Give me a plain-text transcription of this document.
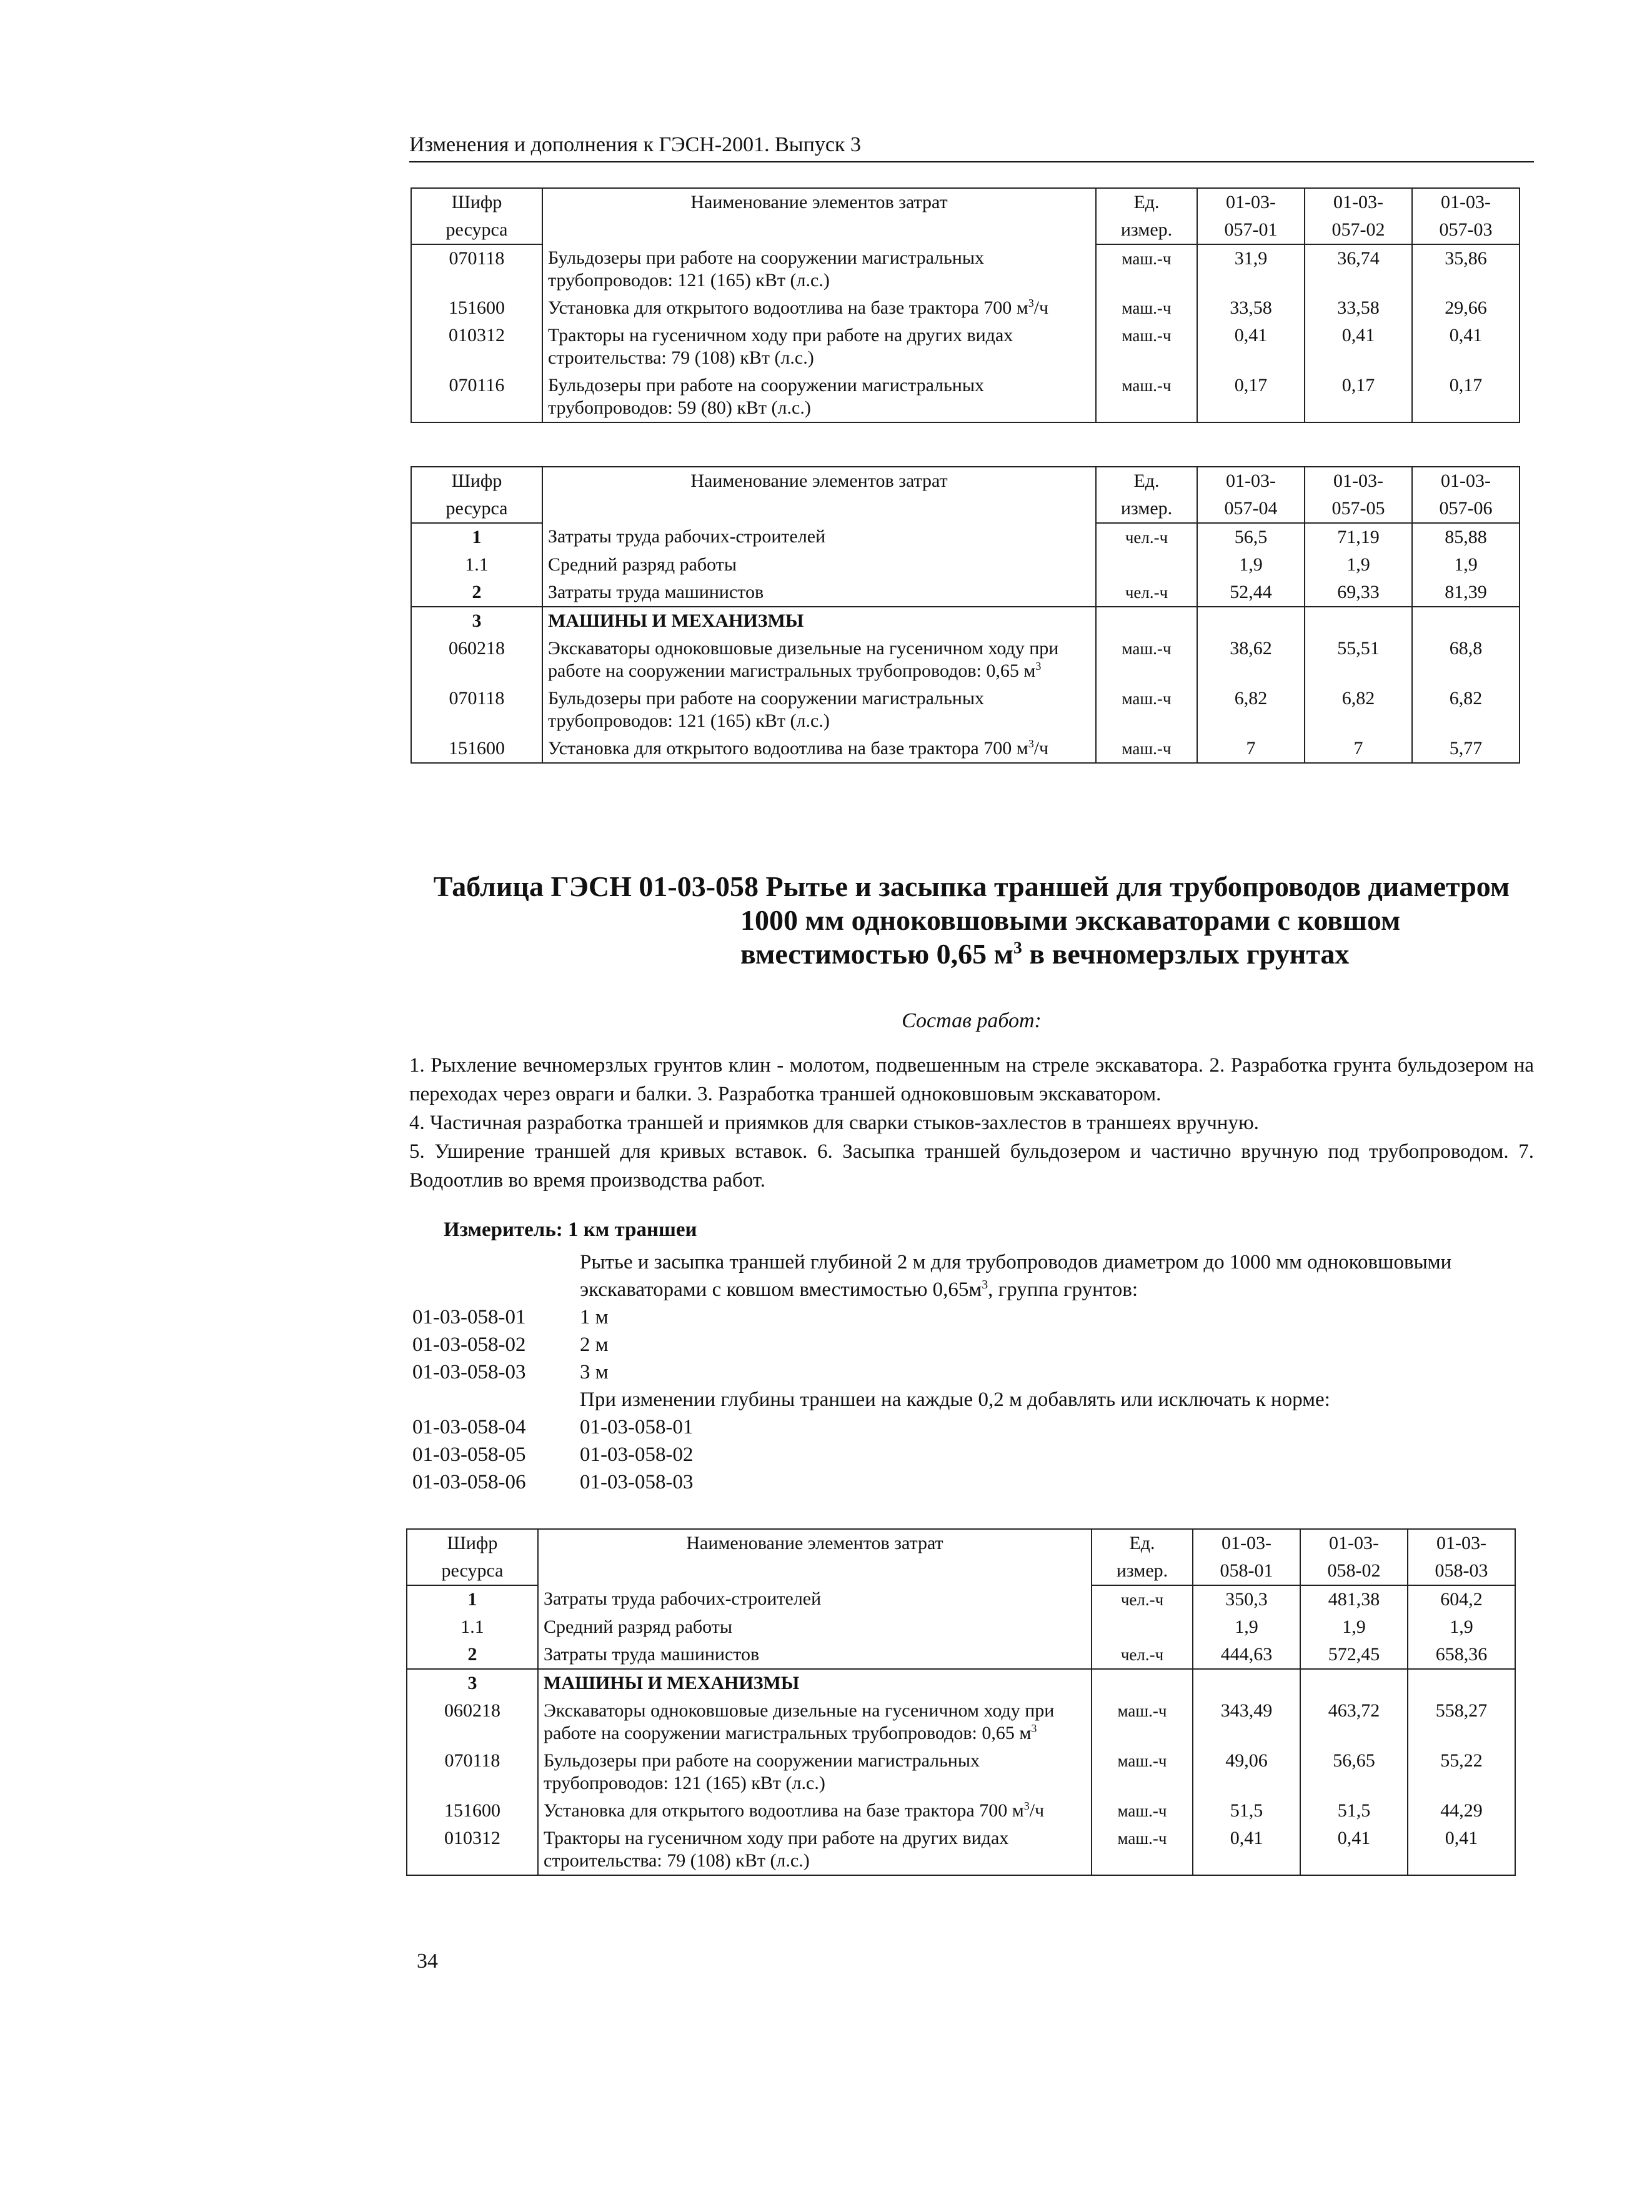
Изменения и дополнения к ГЭСН-2001. Выпуск 3
Шифр	Наименование элементов затрат	Ед.	01-03-	01-03-	01-03-
ресурса		измер.	057-01	057-02	057-03
070118	Бульдозеры при работе на сооружении магистральных трубопроводов: 121 (165) кВт (л.с.)	маш.-ч	31,9	36,74	35,86
151600	Установка для открытого водоотлива на базе трактора 700 $м^3/ч$	маш.-ч	33,58	33,58	29,66
010312	Тракторы на гусеничном ходу при работе на других видах строительства: 79 (108) кВт (л.с.)	маш.-ч	0,41	0,41	0,41
070116	Бульдозеры при работе на сооружении магистральных трубопроводов: 59 (80) кВт (л.с.)	маш.-ч	0,17	0,17	0,17
Шифр	Наименование элементов затрат	Ед.	01-03-	01-03-	01-03-
ресурса		измер.	057-04	057-05	057-06
1	Затраты труда рабочих-строителей	чел.-ч	56,5	71,19	85,88
1.1	Средний разряд работы		1,9	1,9	1,9
2	Затраты труда машинистов	чел.-ч	52,44	69,33	81,39
3	МАШИНЫ И МЕХАНИЗМЫ				
060218	Экскаваторы одноковшовые дизельные на гусеничном ходу при работе на сооружении магистральных трубопроводов: 0,65 $м^3$	маш.-ч	38,62	55,51	68,8
070118	Бульдозеры при работе на сооружении магистральных трубопроводов: 121 (165) кВт (л.с.)	маш.-ч	6,82	6,82	6,82
151600	Установка для открытого водоотлива на базе трактора 700 $м^3/ч$	маш.-ч	7	7	5,77
Таблица ГЭСН 01-03-058 Рытье и засыпка траншей для трубопроводов диаметром
1000 мм одноковшовыми экскаваторами с ковшом
вместимостью 0,65 $м^3$ в вечномерзлых грунтах
Состав работ:

1. Рыхление вечномерзлых грунтов клин - молотом, подвешенным на стреле экскаватора. 2. Разработка грунта бульдозером на переходах через овраги и балки. 3. Разработка траншей одноковшовым экскаватором.

4. Частичная разработка траншей и приямков для сварки стыков-захлестов в траншеях вручную.

5. Уширение траншей для кривых вставок. 6. Засыпка траншей бульдозером и частично вручную под трубопроводом. 7. Водоотлив во время производства работ.

Измеритель: 1 км траншеи
Рытье и засыпка траншей глубиной 2 м для трубопроводов диаметром до 1000 мм одноковшовыми экскаваторами с ковшом вместимостью $0,65м^3$, группа грунтов:
01-03-058-01	1 м
01-03-058-02	2 м
01-03-058-03	3 м
При изменении глубины траншеи на каждые 0,2 м добавлять или исключать к норме:
01-03-058-04	01-03-058-01
01-03-058-05	01-03-058-02
01-03-058-06	01-03-058-03
Шифр	Наименование элементов затрат	Ед.	01-03-	01-03-	01-03-
ресурса		измер.	058-01	058-02	058-03
1	Затраты труда рабочих-строителей	чел.-ч	350,3	481,38	604,2
1.1	Средний разряд работы		1,9	1,9	1,9
2	Затраты труда машинистов	чел.-ч	444,63	572,45	658,36
3	МАШИНЫ И МЕХАНИЗМЫ				
060218	Экскаваторы одноковшовые дизельные на гусеничном ходу при работе на сооружении магистральных трубопроводов: 0,65 $м^3$	маш.-ч	343,49	463,72	558,27
070118	Бульдозеры при работе на сооружении магистральных трубопроводов: 121 (165) кВт (л.с.)	маш.-ч	49,06	56,65	55,22
151600	Установка для открытого водоотлива на базе трактора 700 $м^3/ч$	маш.-ч	51,5	51,5	44,29
010312	Тракторы на гусеничном ходу при работе на других видах строительства: 79 (108) кВт (л.с.)	маш.-ч	0,41	0,41	0,41
34
